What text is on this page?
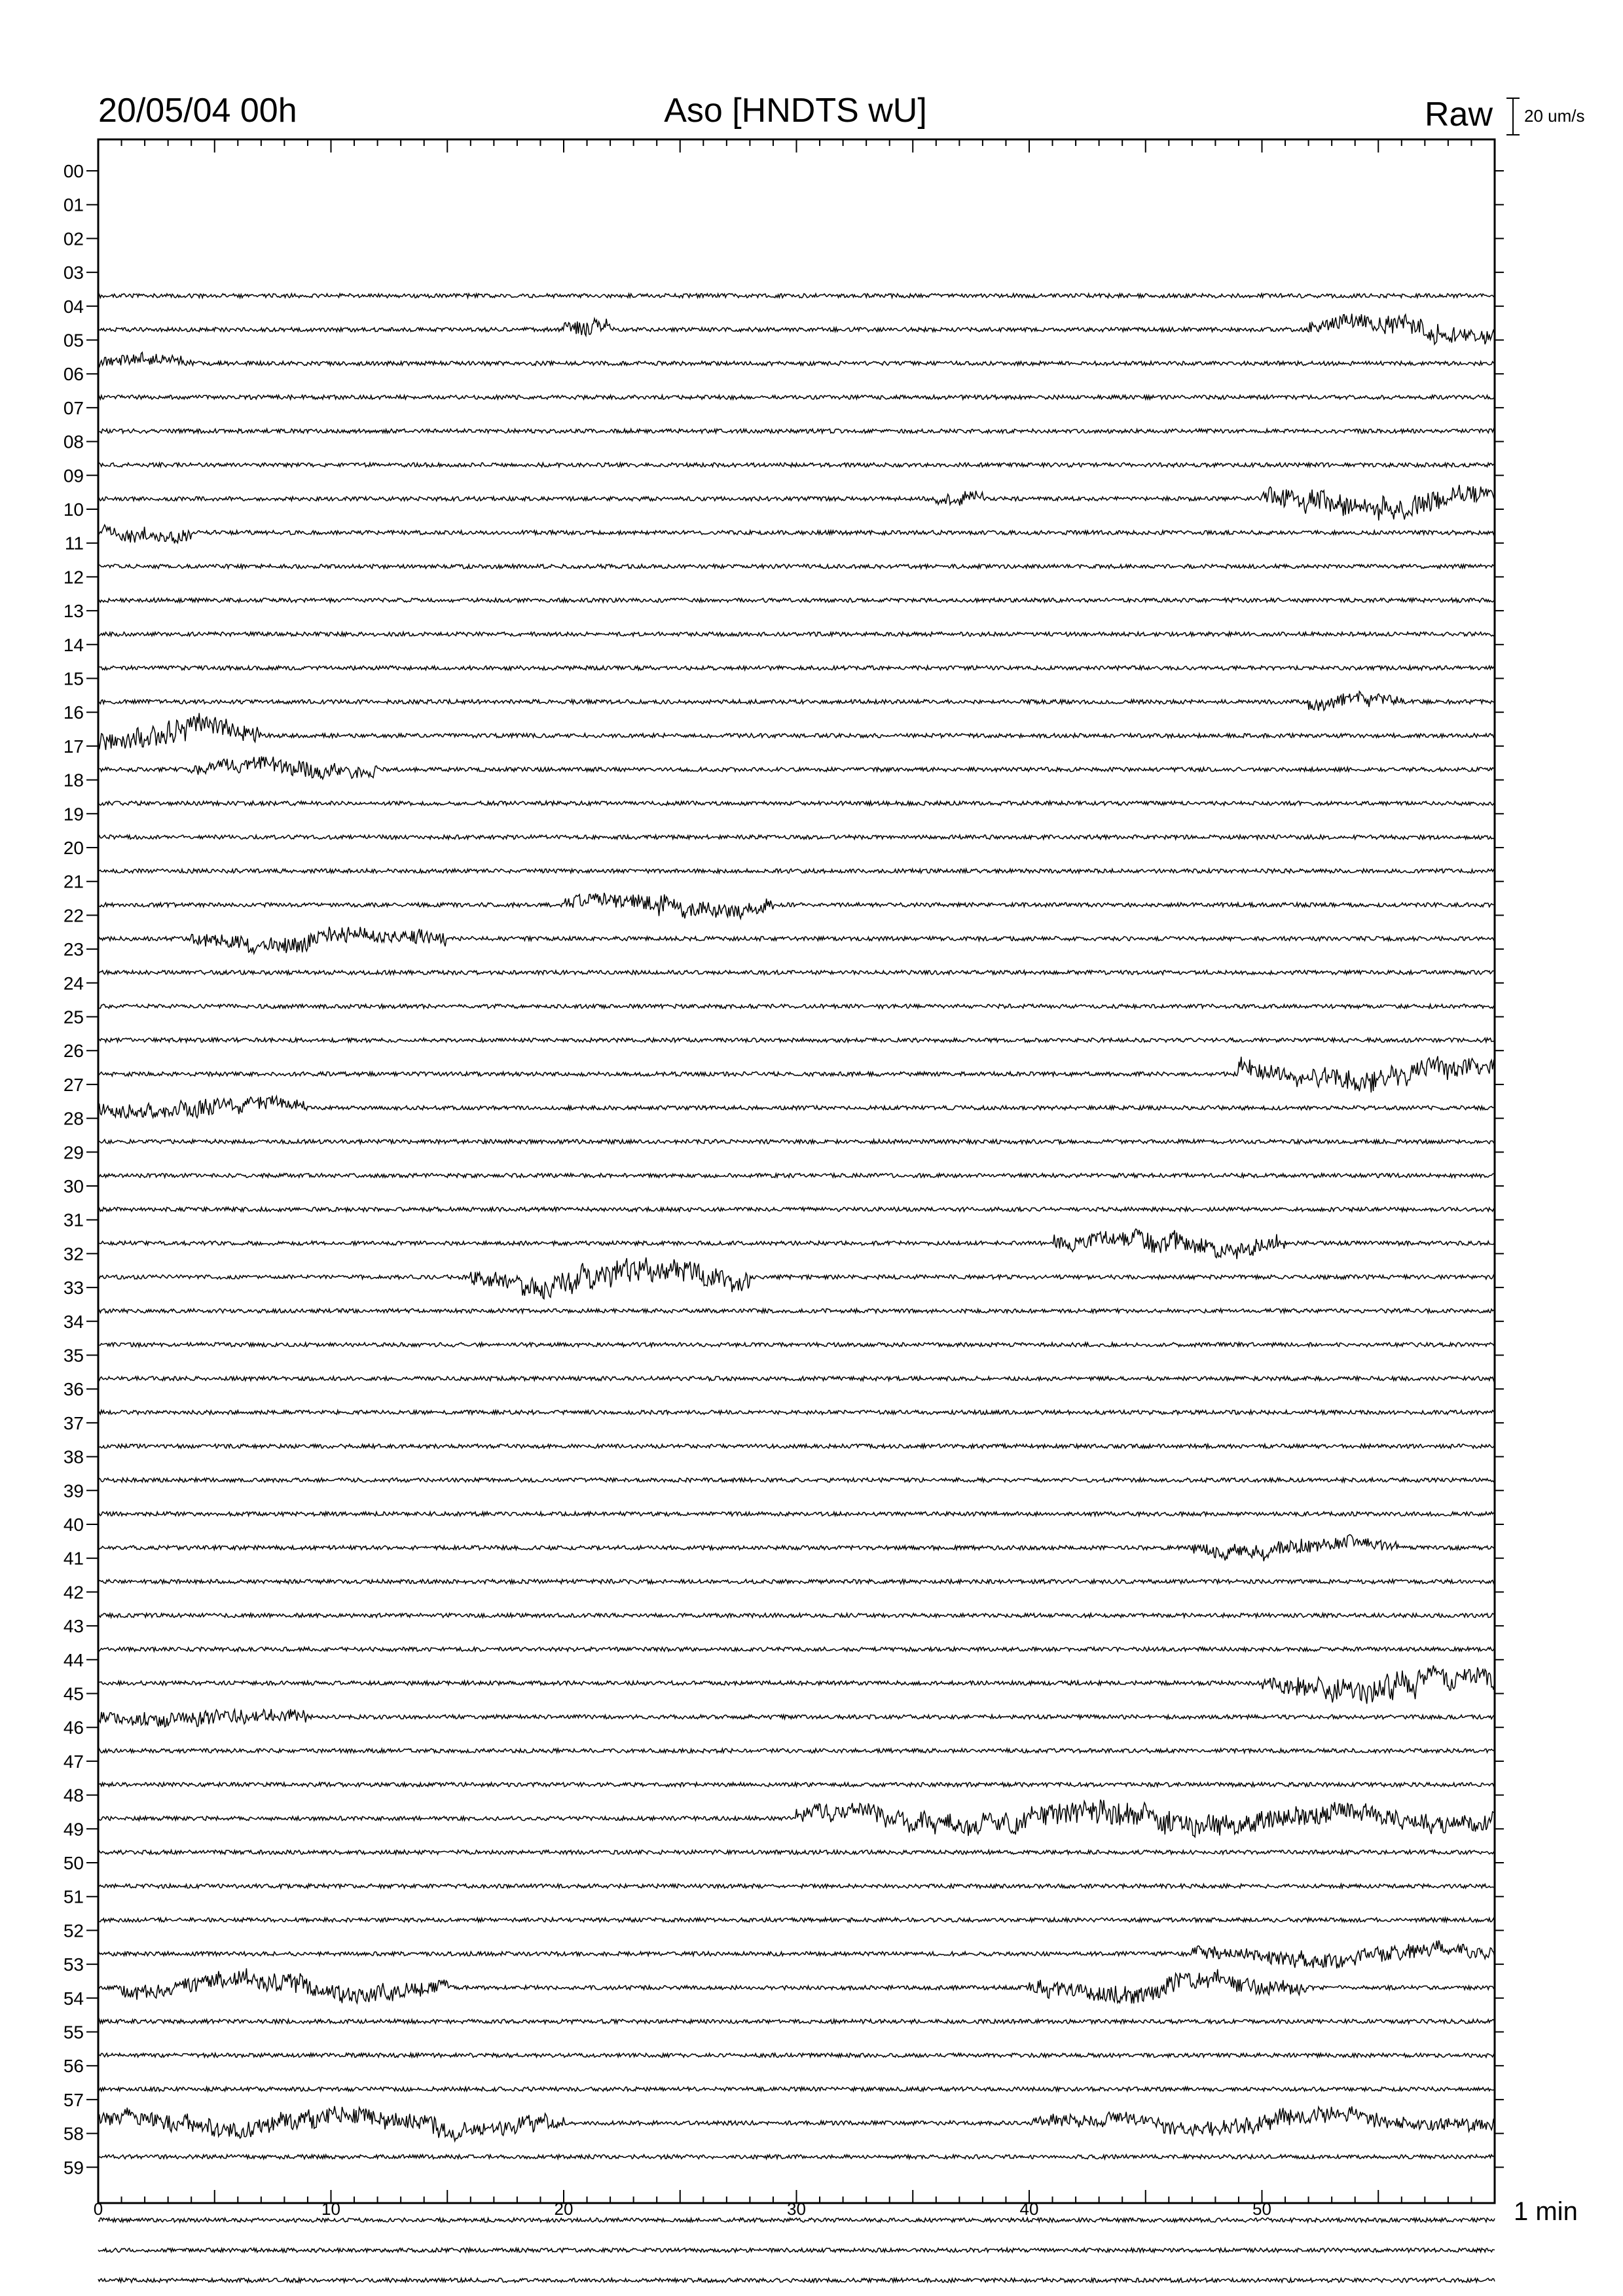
20/05/04 00h	Aso [HNDTS wU]	Raw 20 um/s
00
01
02
03
04
05
06
07
08
09
10
11
12
13
14
15
16
17
18
19
20
21
22
23
24
25
26
27
28
29
30
31
32
33
34
35
36
37
38
39
40
41
42
43
44
45
46
47
48
49
50
51
52
53
54
55
56
57
58
59
0	10	20	30	40	50	1 min
